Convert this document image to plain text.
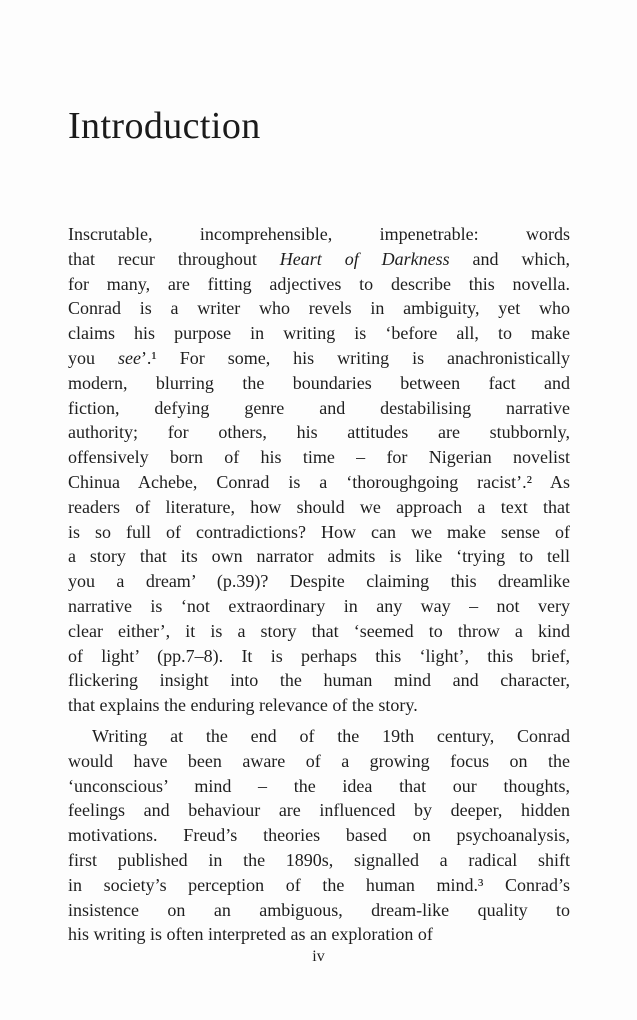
Introduction
Inscrutable, incomprehensible, impenetrable: words
that recur throughout Heart of Darkness and which,
for many, are fitting adjectives to describe this novella.
Conrad is a writer who revels in ambiguity, yet who
claims his purpose in writing is ‘before all, to make
you see’.¹ For some, his writing is anachronistically
modern, blurring the boundaries between fact and
fiction, defying genre and destabilising narrative
authority; for others, his attitudes are stubbornly,
offensively born of his time – for Nigerian novelist
Chinua Achebe, Conrad is a ‘thoroughgoing racist’.² As
readers of literature, how should we approach a text that
is so full of contradictions? How can we make sense of
a story that its own narrator admits is like ‘trying to tell
you a dream’ (p.39)? Despite claiming this dreamlike
narrative is ‘not extraordinary in any way – not very
clear either’, it is a story that ‘seemed to throw a kind
of light’ (pp.7–8). It is perhaps this ‘light’, this brief,
flickering insight into the human mind and character,
that explains the enduring relevance of the story.
Writing at the end of the 19th century, Conrad
would have been aware of a growing focus on the
‘unconscious’ mind – the idea that our thoughts,
feelings and behaviour are influenced by deeper, hidden
motivations. Freud’s theories based on psychoanalysis,
first published in the 1890s, signalled a radical shift
in society’s perception of the human mind.³ Conrad’s
insistence on an ambiguous, dream-like quality to
his writing is often interpreted as an exploration of
iv
